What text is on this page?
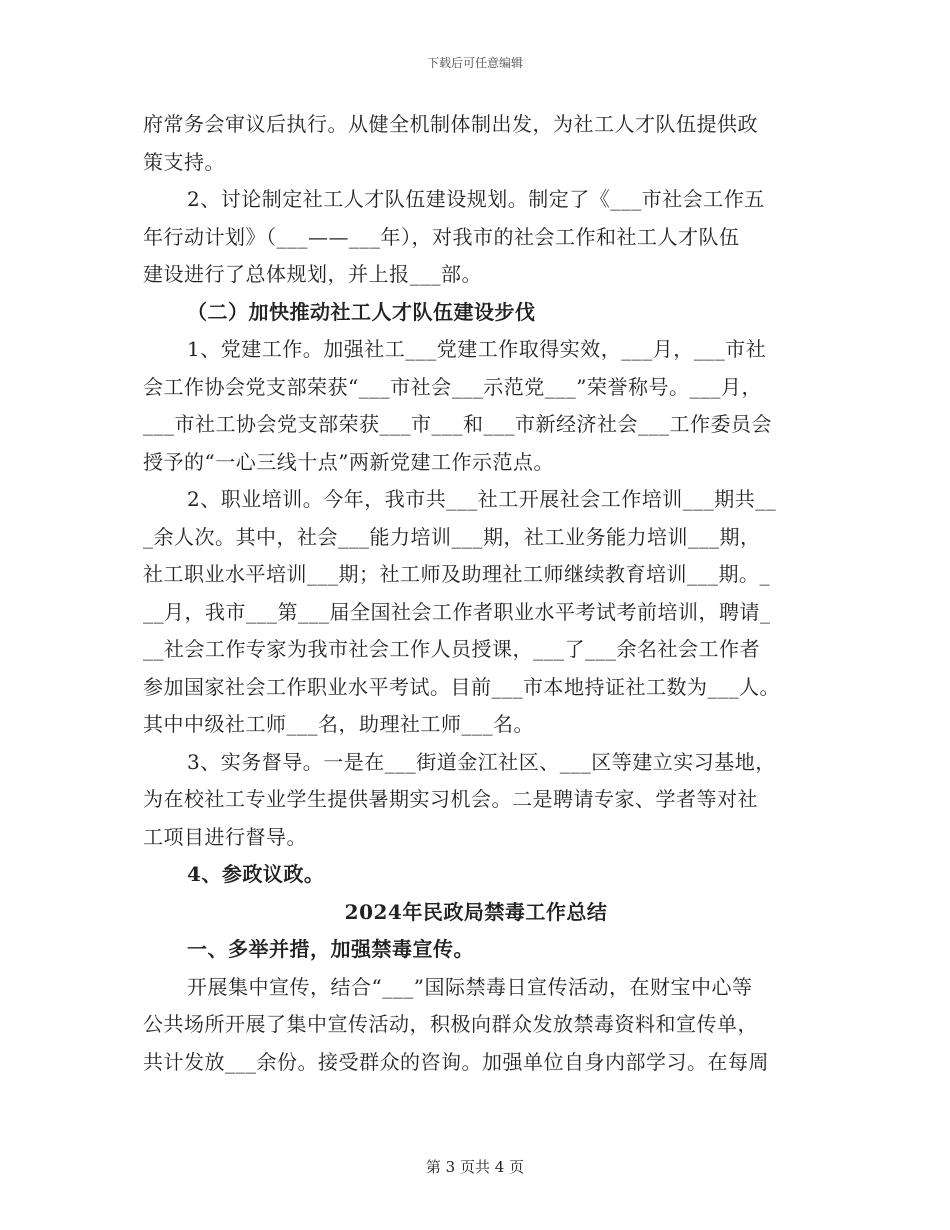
下载后可任意编辑
府常务会审议后执行。从健全机制体制出发，为社工人才队伍提供政
策支持。
2、讨论制定社工人才队伍建设规划。制定了《___市社会工作五
年行动计划》（___——___年），对我市的社会工作和社工人才队伍
建设进行了总体规划，并上报___部。
（二）加快推动社工人才队伍建设步伐
1、党建工作。加强社工___党建工作取得实效，___月，___市社
会工作协会党支部荣获“___市社会___示范党___”荣誉称号。___月，
___市社工协会党支部荣获___市___和___市新经济社会___工作委员会
授予的“一心三线十点”两新党建工作示范点。
2、职业培训。今年，我市共___社工开展社会工作培训___期共__
_余人次。其中，社会___能力培训___期，社工业务能力培训___期，
社工职业水平培训___期；社工师及助理社工师继续教育培训___期。_
__月，我市___第___届全国社会工作者职业水平考试考前培训，聘请_
__社会工作专家为我市社会工作人员授课，___了___余名社会工作者
参加国家社会工作职业水平考试。目前___市本地持证社工数为___人。
其中中级社工师___名，助理社工师___名。
3、实务督导。一是在___街道金江社区、___区等建立实习基地，
为在校社工专业学生提供暑期实习机会。二是聘请专家、学者等对社
工项目进行督导。
4、参政议政。
2024年民政局禁毒工作总结
一、多举并措，加强禁毒宣传。
开展集中宣传，结合“___”国际禁毒日宣传活动，在财宝中心等
公共场所开展了集中宣传活动，积极向群众发放禁毒资料和宣传单，
共计发放___余份。接受群众的咨询。加强单位自身内部学习。在每周
第 3 页共 4 页
